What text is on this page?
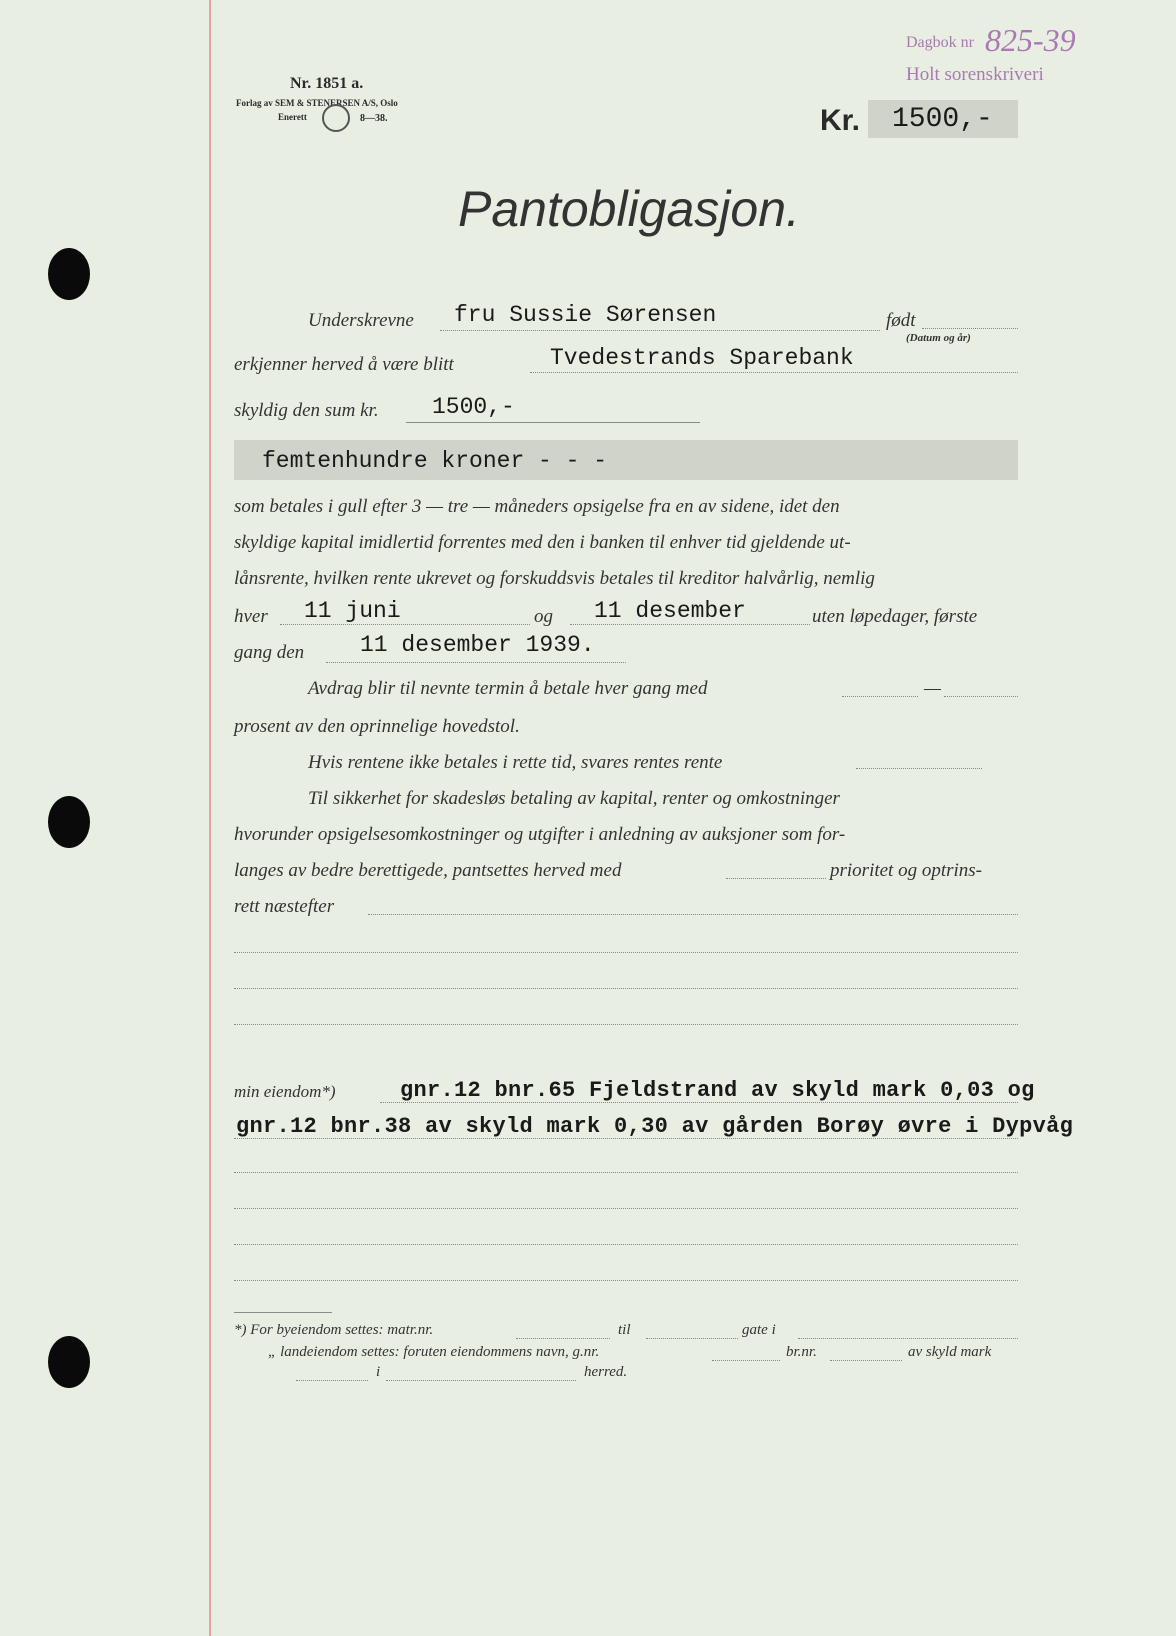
Nr. 1851 a.
Forlag av SEM & STENERSEN A/S, Oslo
Enerett	8—38.
Dagbok nr 825-39
Holt sorenskriveri
Kr. 1500,-
Pantobligasjon.
Underskrevne fru Sussie Sørensen	født
(Datum og år)
erkjenner herved å være blitt	Tvedestrands Sparebank
skyldig den sum kr. 1500,-
femtenhundre kroner - - -
som betales i gull efter 3 — tre — måneders opsigelse fra en av sidene, idet den
skyldige kapital imidlertid forrentes med den i banken til enhver tid gjeldende ut-
lånsrente, hvilken rente ukrevet og forskuddsvis betales til kreditor halvårlig, nemlig
hver 11 juni	og 11 desember	uten løpedager, første
gang den 11 desember 1939.
Avdrag blir til nevnte termin å betale hver gang med	—
prosent av den oprinnelige hovedstol.
Hvis rentene ikke betales i rette tid, svares rentes rente
Til sikkerhet for skadesløs betaling av kapital, renter og omkostninger
hvorunder opsigelsesomkostninger og utgifter i anledning av auksjoner som for-
langes av bedre berettigede, pantsettes herved med	prioritet og optrins-
rett næstefter
min eiendom*)	gnr.12 bnr.65 Fjeldstrand av skyld mark 0,03 og
gnr.12 bnr.38 av skyld mark 0,30 av gården Borøy øvre i Dypvåg
*) For byeiendom settes: matr.nr.	til	gate i
„ landeiendom settes: foruten eiendommens navn, g.nr.	br.nr.	av skyld mark
i	herred.
